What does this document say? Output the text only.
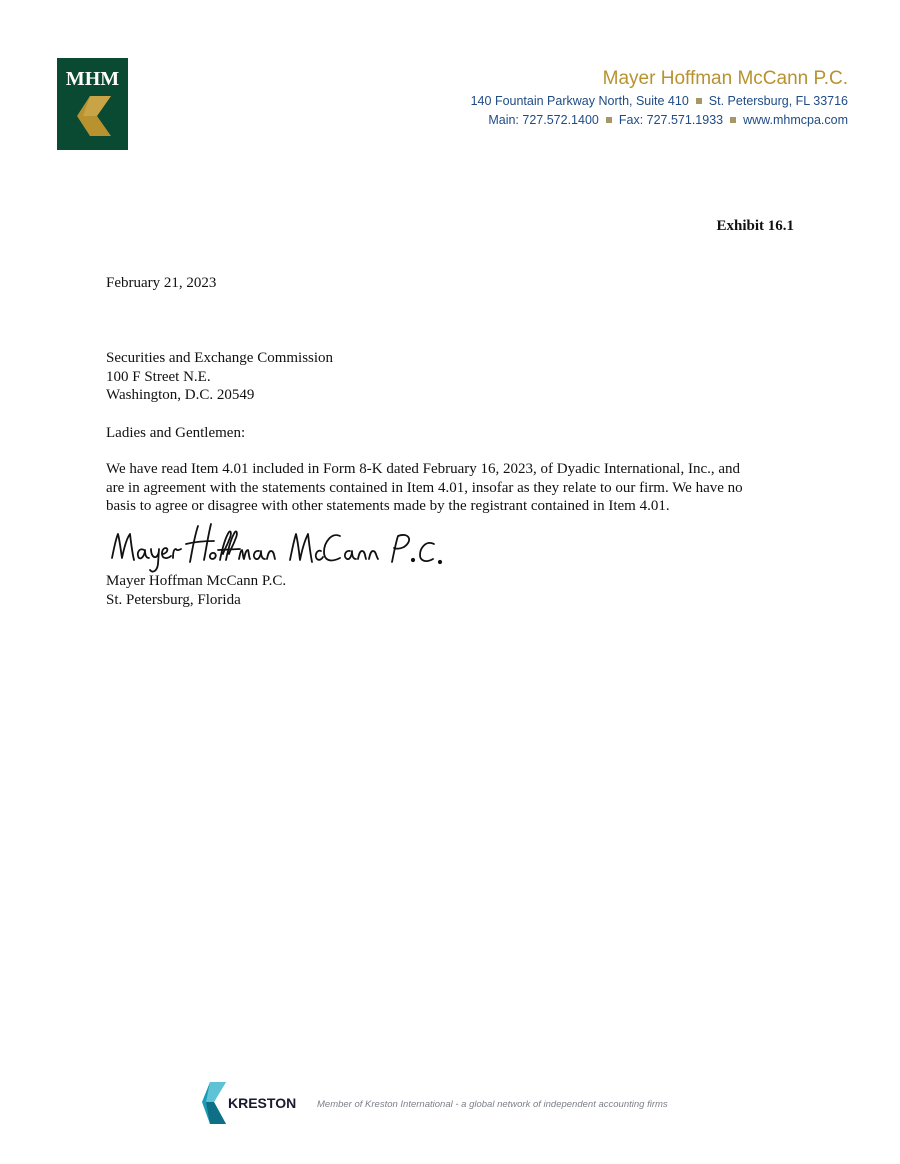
MHM	Mayer Hoffman McCann P.C.
140 Fountain Parkway North, Suite 410 St. Petersburg, FL 33716
Main: 727.572.1400 Fax: 727.571.1933 www.mhmcpa.com
Exhibit 16.1
February 21, 2023
Securities and Exchange Commission
100 F Street N.E.
Washington, D.C. 20549
Ladies and Gentlemen:
We have read Item 4.01 included in Form 8-K dated February 16, 2023, of Dyadic International, Inc., and
are in agreement with the statements contained in Item 4.01, insofar as they relate to our firm. We have no
basis to agree or disagree with other statements made by the registrant contained in Item 4.01.
Mayer Hoffman McCann P.C.
St. Petersburg, Florida
KRESTON Member of Kreston International - a global network of independent accounting firms
